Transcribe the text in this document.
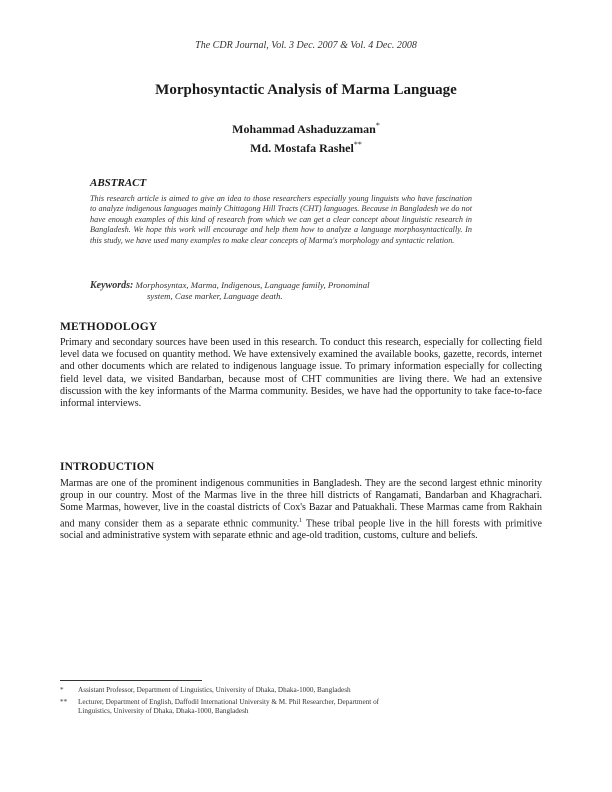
The CDR Journal, Vol. 3 Dec. 2007 & Vol. 4 Dec. 2008
Morphosyntactic Analysis of Marma Language
Mohammad Ashaduzzaman*
Md. Mostafa Rashel**
ABSTRACT
This research article is aimed to give an idea to those researchers especially young linguists who have fascination to analyze indigenous languages mainly Chittagong Hill Tracts (CHT) languages. Because in Bangladesh we do not have enough examples of this kind of research from which we can get a clear concept about linguistic research in Bangladesh. We hope this work will encourage and help them how to analyze a language morphosyntactically. In this study, we have used many examples to make clear concepts of Marma's morphology and syntactic relation.
Keywords: Morphosyntax, Marma, Indigenous, Language family, Pronominal
system, Case marker, Language death.
METHODOLOGY
Primary and secondary sources have been used in this research. To conduct this research, especially for collecting field level data we focused on quantity method. We have extensively examined the available books, gazette, records, internet and other documents which are related to indigenous language issue. To primary information especially for collecting field level data, we visited Bandarban, because most of CHT communities are living there. We had an extensive discussion with the key informants of the Marma community. Besides, we have had the opportunity to take face-to-face informal interviews.
INTRODUCTION
Marmas are one of the prominent indigenous communities in Bangladesh. They are the second largest ethnic minority group in our country. Most of the Marmas live in the three hill districts of Rangamati, Bandarban and Khagrachari. Some Marmas, however, live in the coastal districts of Cox's Bazar and Patuakhali. These Marmas came from Rakhain and many consider them as a separate ethnic community.$^1$ These tribal people live in the hill forests with primitive social and administrative system with separate ethnic and age-old tradition, customs, culture and beliefs.
* Assistant Professor, Department of Linguistics, University of Dhaka, Dhaka-1000, Bangladesh
** Lecturer, Department of English, Daffodil International University & M. Phil Researcher, Department of
Linguistics, University of Dhaka, Dhaka-1000, Bangladesh
